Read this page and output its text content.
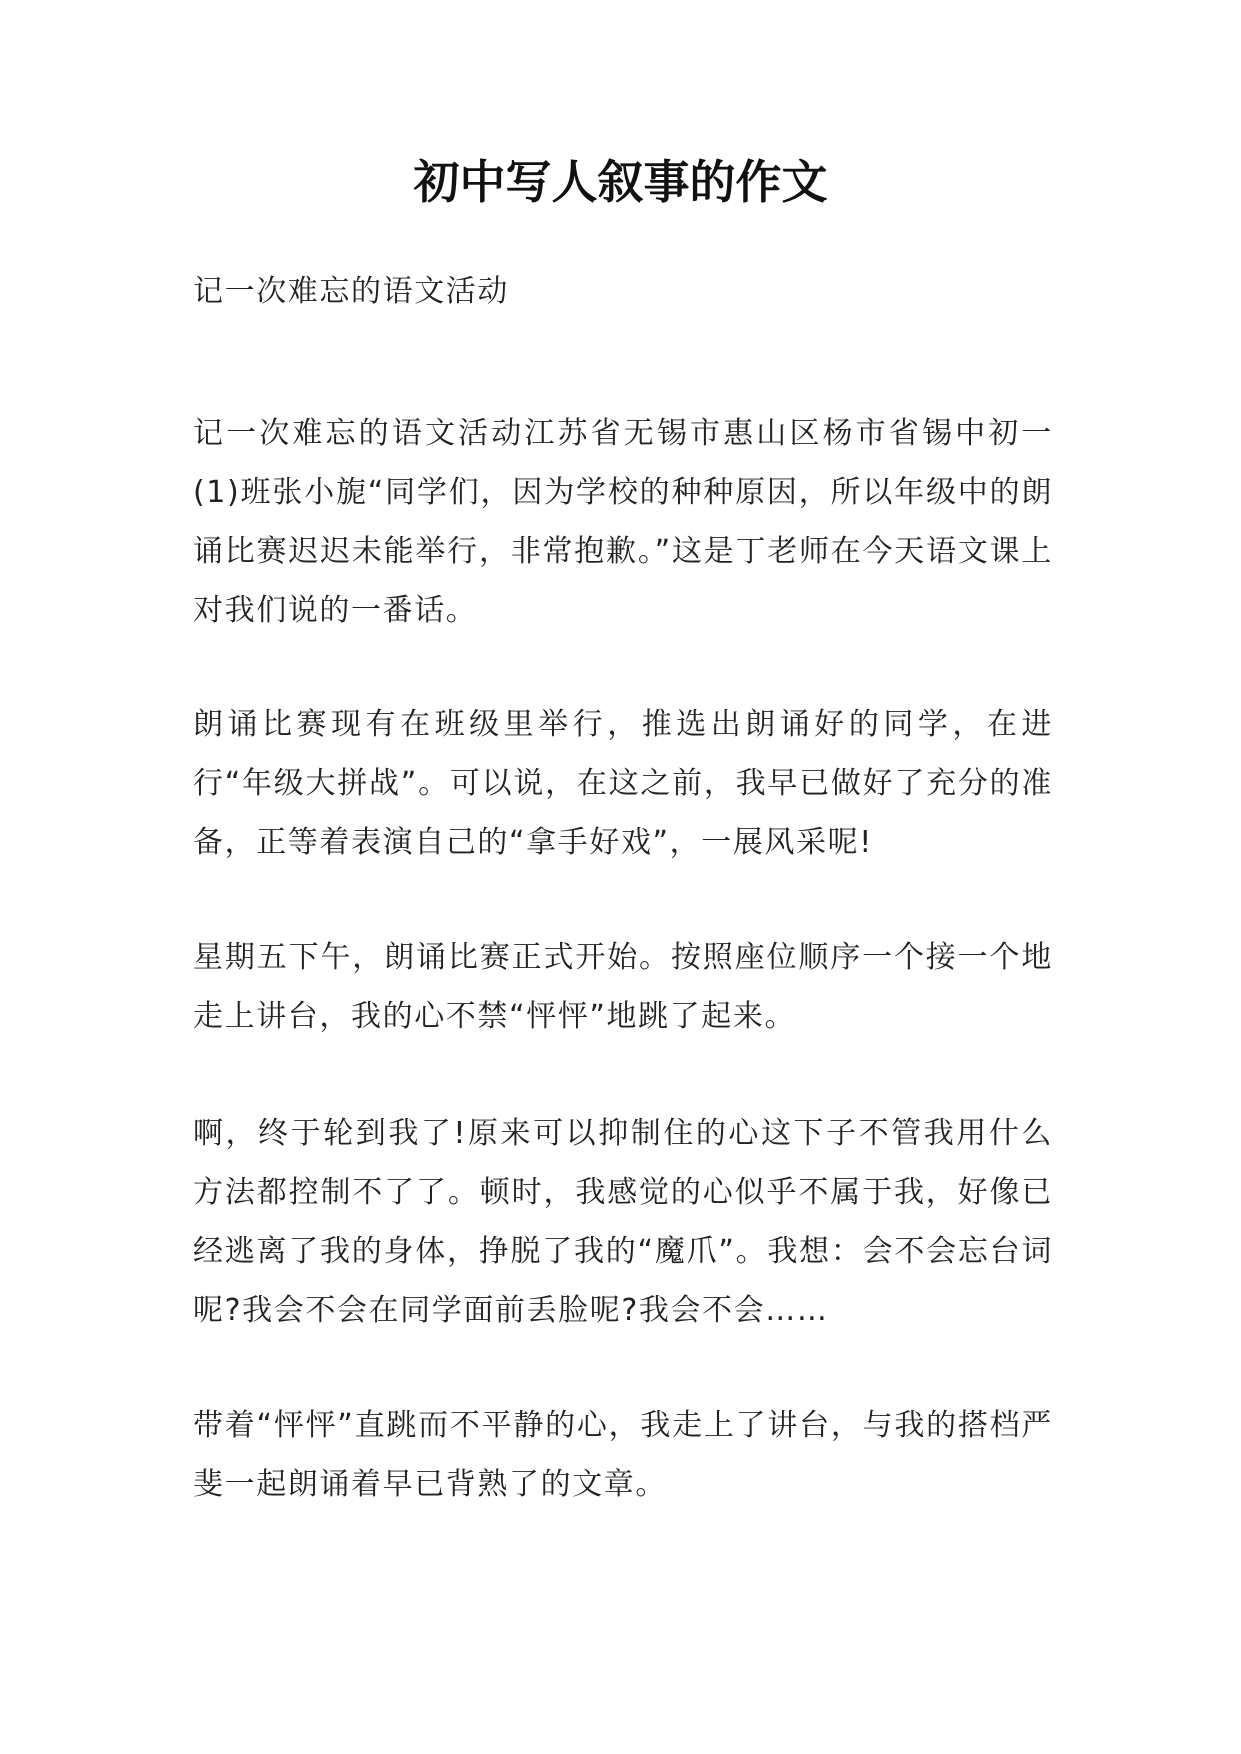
初中写人叙事的作文

记一次难忘的语文活动

记一次难忘的语文活动江苏省无锡市惠山区杨市省锡中初一(1)班张小旎“同学们，因为学校的种种原因，所以年级中的朗诵比赛迟迟未能举行，非常抱歉。”这是丁老师在今天语文课上对我们说的一番话。

朗诵比赛现有在班级里举行，推选出朗诵好的同学，在进行“年级大拼战”。可以说，在这之前，我早已做好了充分的准备，正等着表演自己的“拿手好戏”，一展风采呢!

星期五下午，朗诵比赛正式开始。按照座位顺序一个接一个地走上讲台，我的心不禁“怦怦”地跳了起来。

啊，终于轮到我了!原来可以抑制住的心这下子不管我用什么方法都控制不了了。顿时，我感觉的心似乎不属于我，好像已经逃离了我的身体，挣脱了我的“魔爪”。我想：会不会忘台词呢?我会不会在同学面前丢脸呢?我会不会……

带着“怦怦”直跳而不平静的心，我走上了讲台，与我的搭档严斐一起朗诵着早已背熟了的文章。
